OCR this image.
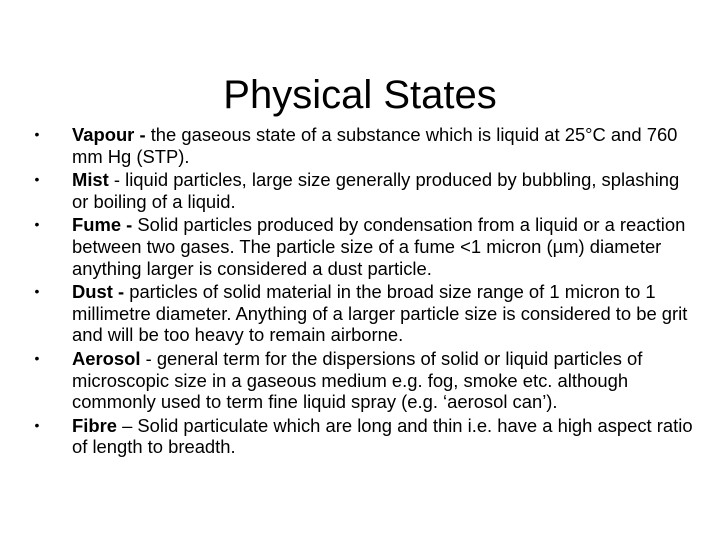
Physical States
• Vapour - the gaseous state of a substance which is liquid at 25°C and 760 mm Hg (STP).
• Mist - liquid particles, large size generally produced by bubbling, splashing or boiling of a liquid.
• Fume - Solid particles produced by condensation from a liquid or a reaction between two gases. The particle size of a fume <1 micron (µm) diameter anything larger is considered a dust particle.
• Dust - particles of solid material in the broad size range of 1 micron to 1 millimetre diameter. Anything of a larger particle size is considered to be grit and will be too heavy to remain airborne.
• Aerosol - general term for the dispersions of solid or liquid particles of microscopic size in a gaseous medium e.g. fog, smoke etc. although commonly used to term fine liquid spray (e.g. ‘aerosol can’).
• Fibre – Solid particulate which are long and thin i.e. have a high aspect ratio of length to breadth.
